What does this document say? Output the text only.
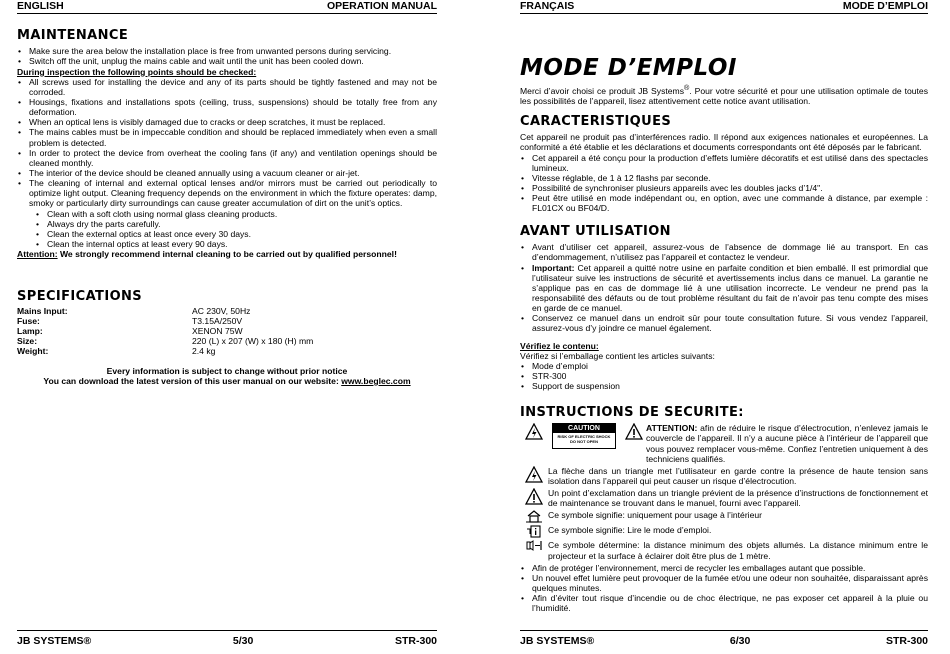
ENGLISH	OPERATION MANUAL
MAINTENANCE
• Make sure the area below the installation place is free from unwanted persons during servicing.
• Switch off the unit, unplug the mains cable and wait until the unit has been cooled down.
During inspection the following points should be checked:
• All screws used for installing the device and any of its parts should be tightly fastened and may not be corroded.
• Housings, fixations and installations spots (ceiling, truss, suspensions) should be totally free from any deformation.
• When an optical lens is visibly damaged due to cracks or deep scratches, it must be replaced.
• The mains cables must be in impeccable condition and should be replaced immediately when even a small problem is detected.
• In order to protect the device from overheat the cooling fans (if any) and ventilation openings should be cleaned monthly.
• The interior of the device should be cleaned annually using a vacuum cleaner or air-jet.
• The cleaning of internal and external optical lenses and/or mirrors must be carried out periodically to optimize light output. Cleaning frequency depends on the environment in which the fixture operates: damp, smoky or particularly dirty surroundings can cause greater accumulation of dirt on the unit’s optics.
• Clean with a soft cloth using normal glass cleaning products.
• Always dry the parts carefully.
• Clean the external optics at least once every 30 days.
• Clean the internal optics at least every 90 days.
Attention: We strongly recommend internal cleaning to be carried out by qualified personnel!
SPECIFICATIONS
Mains Input:	AC 230V, 50Hz
Fuse:	T3.15A/250V
Lamp:	XENON 75W
Size:	220 (L) x 207 (W) x 180 (H) mm
Weight:	2.4 kg
Every information is subject to change without prior notice
You can download the latest version of this user manual on our website: www.beglec.com
JB SYSTEMS®	5/30	STR-300
FRANÇAIS	MODE D’EMPLOI
MODE D’EMPLOI

Merci d’avoir choisi ce produit JB Systems®. Pour votre sécurité et pour une utilisation optimale de toutes les possibilités de l’appareil, lisez attentivement cette notice avant utilisation.

CARACTERISTIQUES

Cet appareil ne produit pas d’interférences radio. Il répond aux exigences nationales et européennes. La conformité a été établie et les déclarations et documents correspondants ont été déposés par le fabricant.

• Cet appareil a été conçu pour la production d’effets lumière décoratifs et est utilisé dans des spectacles lumineux.
• Vitesse réglable, de 1 à 12 flashs par seconde.
• Possibilité de synchroniser plusieurs appareils avec les doubles jacks d’1/4".
• Peut être utilisé en mode indépendant ou, en option, avec une commande à distance, par exemple : FL01CX ou BF04/D.
AVANT UTILISATION
• Avant d’utiliser cet appareil, assurez-vous de l’absence de dommage lié au transport. En cas d’endommagement, n’utilisez pas l’appareil et contactez le vendeur.
• Important: Cet appareil a quitté notre usine en parfaite condition et bien emballé. Il est primordial que l’utilisateur suive les instructions de sécurité et avertissements inclus dans ce manuel. La garantie ne s’applique pas en cas de dommage lié à une utilisation incorrecte. Le vendeur ne prend pas la responsabilité des défauts ou de tout problème résultant du fait de n’avoir pas tenu compte des mises en garde de ce manuel.
• Conservez ce manuel dans un endroit sûr pour toute consultation future. Si vous vendez l’appareil, assurez-vous d’y joindre ce manuel également.
Vérifiez le contenu:
Vérifiez si l’emballage contient les articles suivants:
• Mode d’emploi
• STR-300
• Support de suspension
INSTRUCTIONS DE SECURITE:
CAUTION
RISK OF ELECTRIC SHOCK
DO NOT OPEN
ATTENTION: afin de réduire le risque d’électrocution, n’enlevez jamais le couvercle de l’appareil. Il n’y a aucune pièce à l’intérieur de l’appareil que vous pouvez remplacer vous-même. Confiez l’entretien uniquement à des techniciens qualifiés.
La flèche dans un triangle met l’utilisateur en garde contre la présence de haute tension sans isolation dans l’appareil qui peut causer un risque d’électrocution.
Un point d’exclamation dans un triangle prévient de la présence d’instructions de fonctionnement et de maintenance se trouvant dans le manuel, fourni avec l’appareil.
Ce symbole signifie: uniquement pour usage à l’intérieur
Ce symbole signifie: Lire le mode d’emploi.
Ce symbole détermine: la distance minimum des objets allumés. La distance minimum entre le projecteur et la surface à éclairer doit être plus de 1 mètre.
• Afin de protéger l’environnement, merci de recycler les emballages autant que possible.
• Un nouvel effet lumière peut provoquer de la fumée et/ou une odeur non souhaitée, disparaissant après quelques minutes.
• Afin d’éviter tout risque d’incendie ou de choc électrique, ne pas exposer cet appareil à la pluie ou l’humidité.
JB SYSTEMS®	6/30	STR-300
